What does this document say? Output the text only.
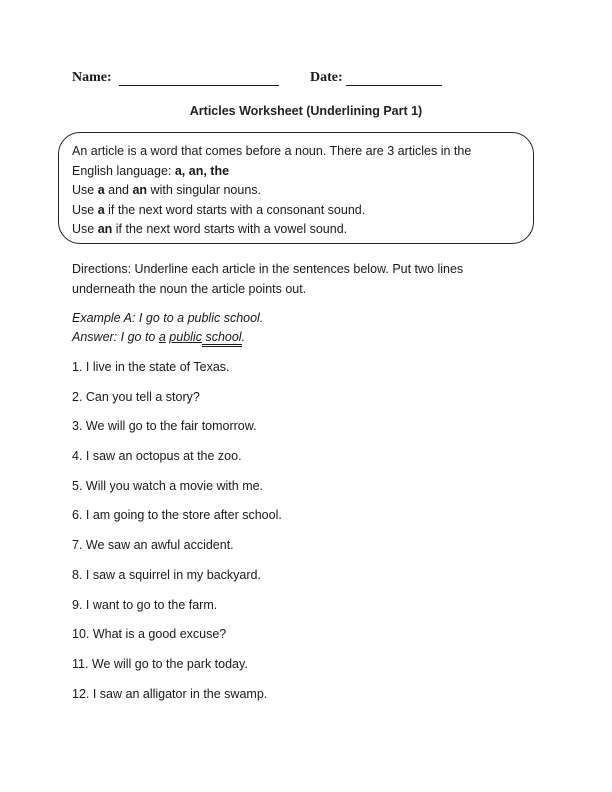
Name:	Date:
Articles Worksheet (Underlining Part 1)

An article is a word that comes before a noun. There are 3 articles in the

English language: a, an, the

Use a and an with singular nouns.

Use a if the next word starts with a consonant sound.

Use an if the next word starts with a vowel sound.

Directions: Underline each article in the sentences below. Put two lines

underneath the noun the article points out.

Example A: I go to a public school.

Answer: I go to a public school.

1. I live in the state of Texas.
2. Can you tell a story?
3. We will go to the fair tomorrow.
4. I saw an octopus at the zoo.
5. Will you watch a movie with me.
6. I am going to the store after school.
7. We saw an awful accident.
8. I saw a squirrel in my backyard.
9. I want to go to the farm.
10. What is a good excuse?
11. We will go to the park today.
12. I saw an alligator in the swamp.
